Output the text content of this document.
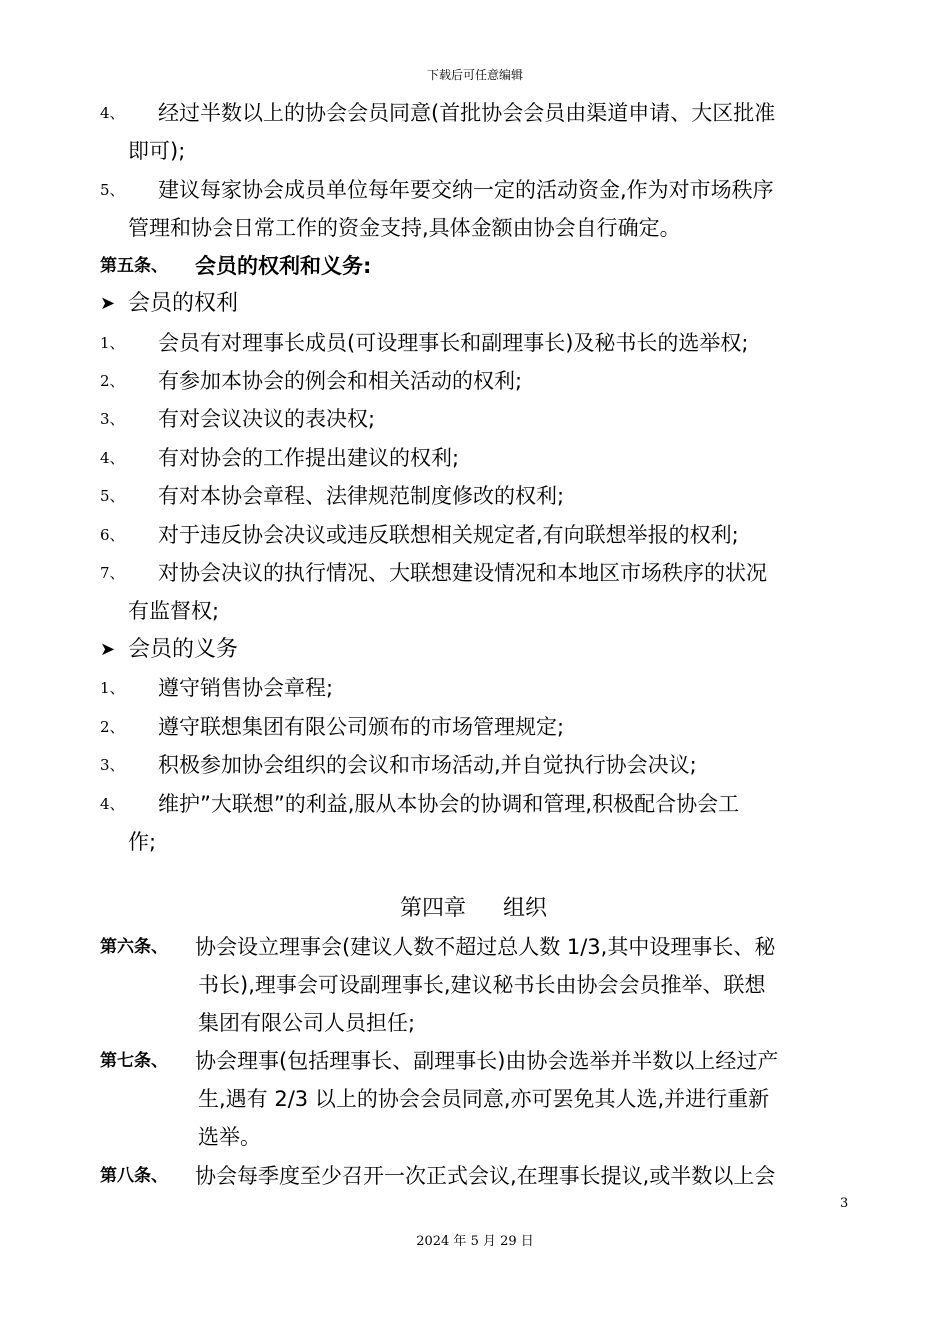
下载后可任意编辑
4、 经过半数以上的协会会员同意(首批协会会员由渠道申请、大区批准
即可);
5、 建议每家协会成员单位每年要交纳一定的活动资金,作为对市场秩序
管理和协会日常工作的资金支持,具体金额由协会自行确定。
第五条、 会员的权利和义务:
➤ 会员的权利
1、 会员有对理事长成员(可设理事长和副理事长)及秘书长的选举权;
2、 有参加本协会的例会和相关活动的权利;
3、 有对会议决议的表决权;
4、 有对协会的工作提出建议的权利;
5、 有对本协会章程、法律规范制度修改的权利;
6、 对于违反协会决议或违反联想相关规定者,有向联想举报的权利;
7、 对协会决议的执行情况、大联想建设情况和本地区市场秩序的状况
有监督权;
➤ 会员的义务
1、 遵守销售协会章程;
2、 遵守联想集团有限公司颁布的市场管理规定;
3、 积极参加协会组织的会议和市场活动,并自觉执行协会决议;
4、 维护”大联想”的利益,服从本协会的协调和管理,积极配合协会工
作;
第四章 组织
第六条、 协会设立理事会(建议人数不超过总人数 1/3,其中设理事长、秘
书长),理事会可设副理事长,建议秘书长由协会会员推举、联想
集团有限公司人员担任;
第七条、 协会理事(包括理事长、副理事长)由协会选举并半数以上经过产
生,遇有 2/3 以上的协会会员同意,亦可罢免其人选,并进行重新
选举。
第八条、 协会每季度至少召开一次正式会议,在理事长提议,或半数以上会
3
2024 年 5 月 29 日
